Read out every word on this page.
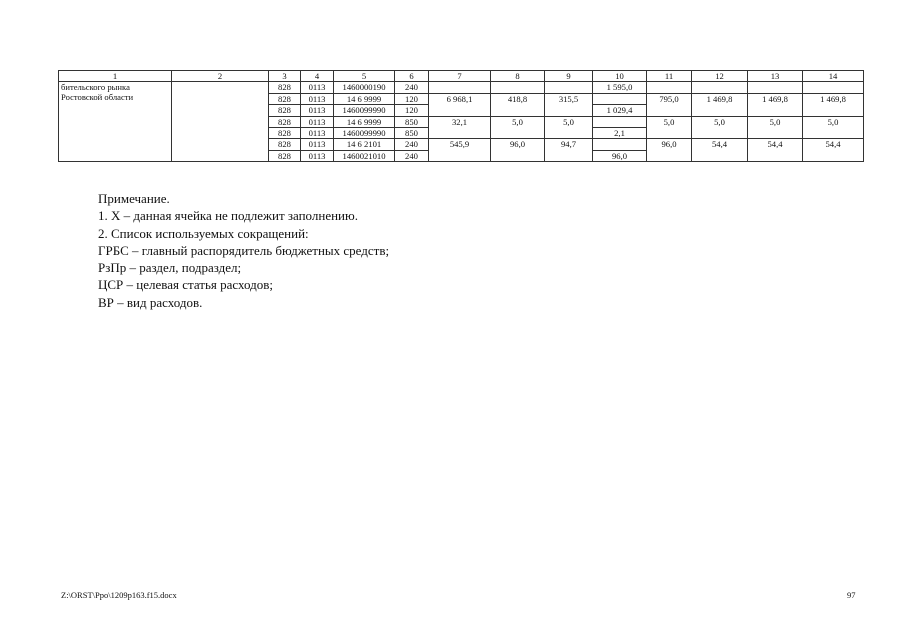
1	2	3	4	5	6	7	8	9	10	11	12	13	14

бительского рынка
Ростовской области		828	0113	1460000190	240				1 595,0				
		828	0113	14 6 9999	120	6 968,1	418,8	315,5		795,0	1 469,8	1 469,8	1 469,8
		828	0113	1460099990	120				1 029,4				
		828	0113	14 6 9999	850	32,1	5,0	5,0		5,0	5,0	5,0	5,0
		828	0113	1460099990	850				2,1				
		828	0113	14 6 2101	240	545,9	96,0	94,7		96,0	54,4	54,4	54,4
		828	0113	1460021010	240				96,0				
Примечание.
1. Х – данная ячейка не подлежит заполнению.
2. Список используемых сокращений:
ГРБС – главный распорядитель бюджетных средств;
РзПр – раздел, подраздел;
ЦСР – целевая статья расходов;
ВР – вид расходов.
Z:\ORST\Ppo\1209p163.f15.docx	97
